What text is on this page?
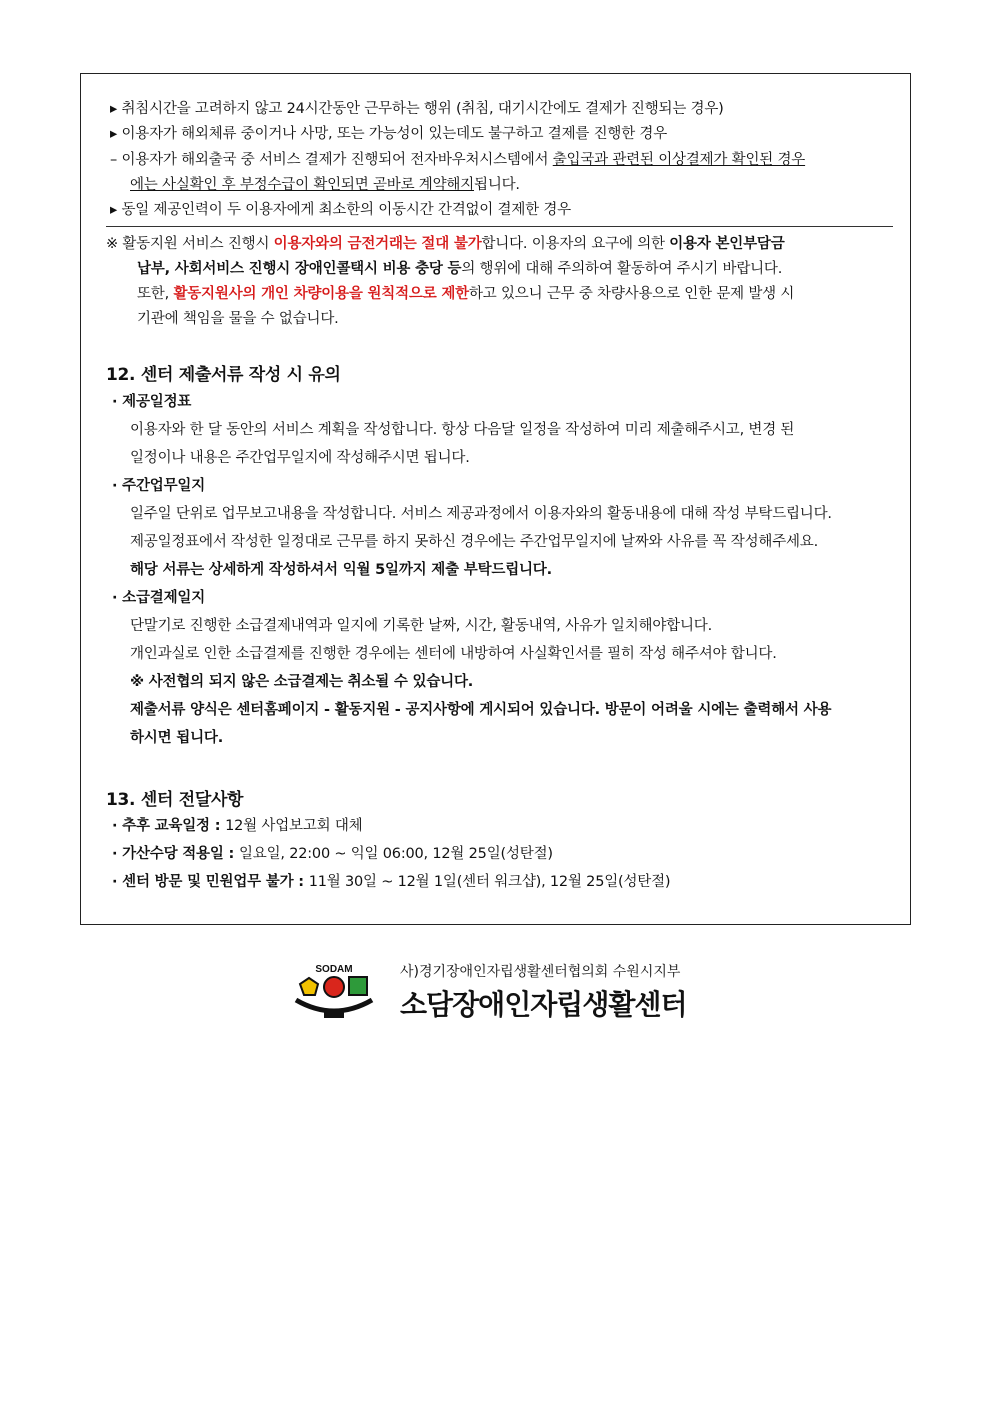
▸ 취침시간을 고려하지 않고 24시간동안 근무하는 행위 (취침, 대기시간에도 결제가 진행되는 경우)
▸ 이용자가 해외체류 중이거나 사망, 또는 가능성이 있는데도 불구하고 결제를 진행한 경우
– 이용자가 해외출국 중 서비스 결제가 진행되어 전자바우처시스템에서 출입국과 관련된 이상결제가 확인된 경우
에는 사실확인 후 부정수급이 확인되면 곧바로 계약해지됩니다.
▸ 동일 제공인력이 두 이용자에게 최소한의 이동시간 간격없이 결제한 경우
※ 활동지원 서비스 진행시 이용자와의 금전거래는 절대 불가합니다. 이용자의 요구에 의한 이용자 본인부담금
납부, 사회서비스 진행시 장애인콜택시 비용 충당 등의 행위에 대해 주의하여 활동하여 주시기 바랍니다.
또한, 활동지원사의 개인 차량이용을 원칙적으로 제한하고 있으니 근무 중 차량사용으로 인한 문제 발생 시
기관에 책임을 물을 수 없습니다.
12. 센터 제출서류 작성 시 유의
· 제공일정표
이용자와 한 달 동안의 서비스 계획을 작성합니다. 항상 다음달 일정을 작성하여 미리 제출해주시고, 변경 된
일정이나 내용은 주간업무일지에 작성해주시면 됩니다.
· 주간업무일지
일주일 단위로 업무보고내용을 작성합니다. 서비스 제공과정에서 이용자와의 활동내용에 대해 작성 부탁드립니다.
제공일정표에서 작성한 일정대로 근무를 하지 못하신 경우에는 주간업무일지에 날짜와 사유를 꼭 작성해주세요.
해당 서류는 상세하게 작성하셔서 익월 5일까지 제출 부탁드립니다.
· 소급결제일지
단말기로 진행한 소급결제내역과 일지에 기록한 날짜, 시간, 활동내역, 사유가 일치해야합니다.
개인과실로 인한 소급결제를 진행한 경우에는 센터에 내방하여 사실확인서를 필히 작성 해주셔야 합니다.
※ 사전협의 되지 않은 소급결제는 취소될 수 있습니다.
제출서류 양식은 센터홈페이지 - 활동지원 - 공지사항에 게시되어 있습니다. 방문이 어려울 시에는 출력해서 사용
하시면 됩니다.
13. 센터 전달사항
· 추후 교육일정 : 12월 사업보고회 대체
· 가산수당 적용일 : 일요일, 22:00 ~ 익일 06:00, 12월 25일(성탄절)
· 센터 방문 및 민원업무 불가 : 11월 30일 ~ 12월 1일(센터 워크샵), 12월 25일(성탄절)
SODAM	사)경기장애인자립생활센터협의회 수원시지부
소담장애인자립생활센터
